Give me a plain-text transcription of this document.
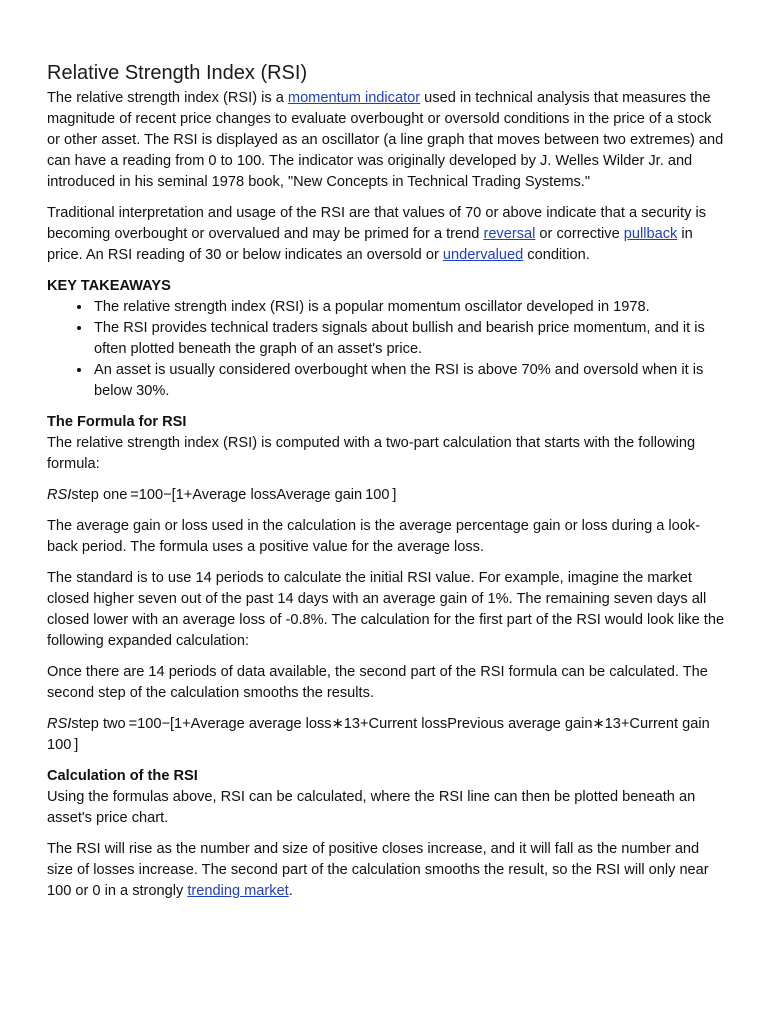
Relative Strength Index (RSI)

The relative strength index (RSI) is a momentum indicator used in technical analysis that measures the magnitude of recent price changes to evaluate overbought or oversold conditions in the price of a stock or other asset. The RSI is displayed as an oscillator (a line graph that moves between two extremes) and can have a reading from 0 to 100. The indicator was originally developed by J. Welles Wilder Jr. and introduced in his seminal 1978 book, "New Concepts in Technical Trading Systems."

Traditional interpretation and usage of the RSI are that values of 70 or above indicate that a security is becoming overbought or overvalued and may be primed for a trend reversal or corrective pullback in price. An RSI reading of 30 or below indicates an oversold or undervalued condition.

KEY TAKEAWAYS
• The relative strength index (RSI) is a popular momentum oscillator developed in 1978.
• The RSI provides technical traders signals about bullish and bearish price momentum, and it is often plotted beneath the graph of an asset's price.
• An asset is usually considered overbought when the RSI is above 70% and oversold when it is below 30%.
The Formula for RSI

The relative strength index (RSI) is computed with a two-part calculation that starts with the following formula:

RSIstep one =100−[1+Average lossAverage gain 100 ]

The average gain or loss used in the calculation is the average percentage gain or loss during a look-back period. The formula uses a positive value for the average loss.

The standard is to use 14 periods to calculate the initial RSI value. For example, imagine the market closed higher seven out of the past 14 days with an average gain of 1%. The remaining seven days all closed lower with an average loss of -0.8%. The calculation for the first part of the RSI would look like the following expanded calculation:

Once there are 14 periods of data available, the second part of the RSI formula can be calculated. The second step of the calculation smooths the results.

RSIstep two =100−[1+Average average loss∗13+Current lossPrevious average gain∗13+Current gain 100 ]

Calculation of the RSI

Using the formulas above, RSI can be calculated, where the RSI line can then be plotted beneath an asset's price chart.

The RSI will rise as the number and size of positive closes increase, and it will fall as the number and size of losses increase. The second part of the calculation smooths the result, so the RSI will only near 100 or 0 in a strongly trending market.
